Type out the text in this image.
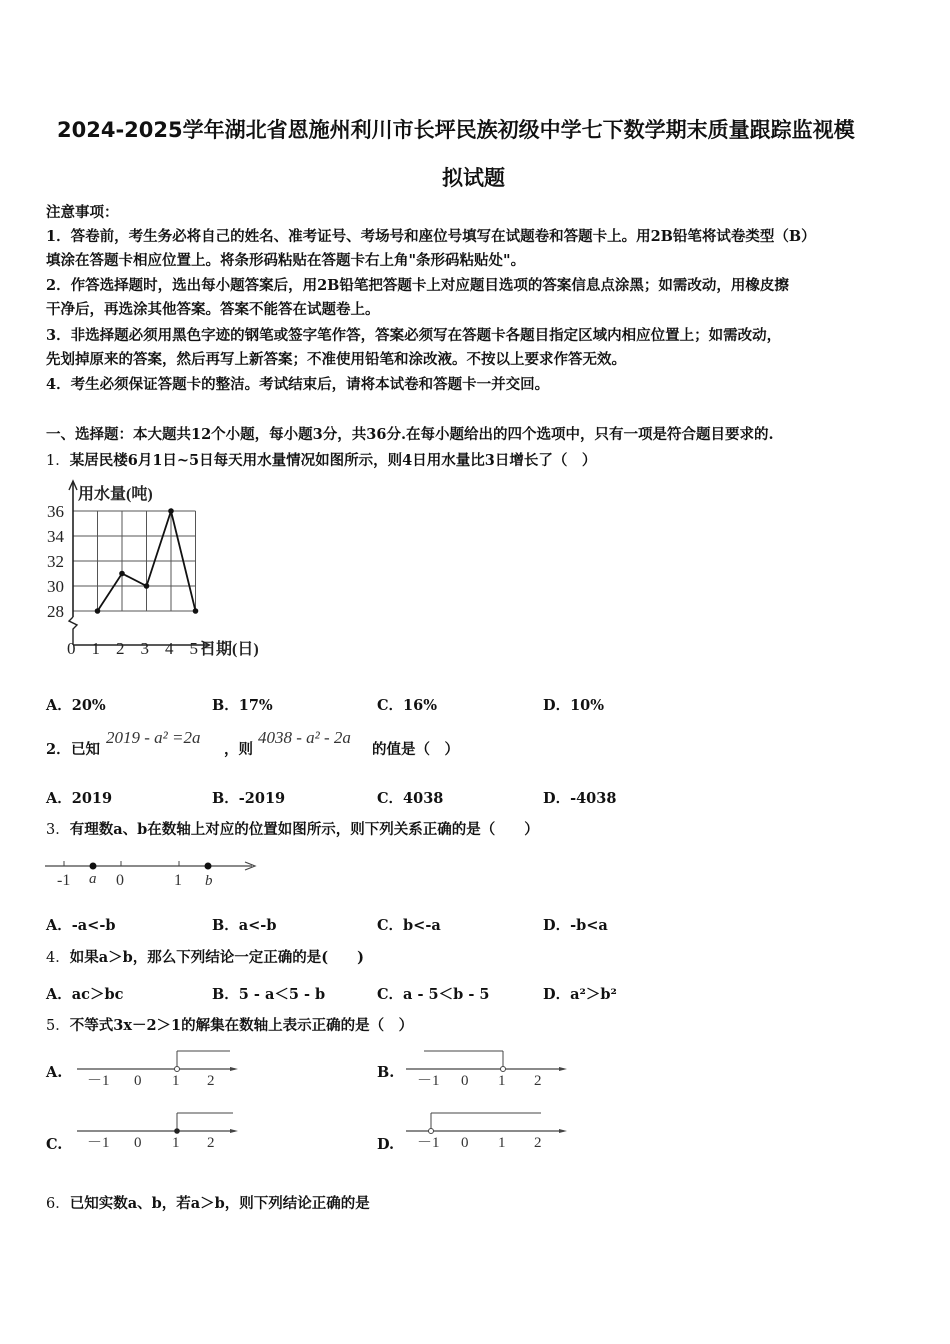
2024-2025学年湖北省恩施州利川市长坪民族初级中学七下数学期末质量跟踪监视模
拟试题
注意事项：
1．答卷前，考生务必将自己的姓名、准考证号、考场号和座位号填写在试题卷和答题卡上。用2B铅笔将试卷类型（B）
填涂在答题卡相应位置上。将条形码粘贴在答题卡右上角"条形码粘贴处"。
2．作答选择题时，选出每小题答案后，用2B铅笔把答题卡上对应题目选项的答案信息点涂黑；如需改动，用橡皮擦
干净后，再选涂其他答案。答案不能答在试题卷上。
3．非选择题必须用黑色字迹的钢笔或签字笔作答，答案必须写在答题卡各题目指定区域内相应位置上；如需改动，
先划掉原来的答案，然后再写上新答案；不准使用铅笔和涂改液。不按以上要求作答无效。
4．考生必须保证答题卡的整洁。考试结束后，请将本试卷和答题卡一并交回。
一、选择题：本大题共12个小题，每小题3分，共36分.在每小题给出的四个选项中，只有一项是符合题目要求的.
1．某居民楼6月1日~5日每天用水量情况如图所示，则4日用水量比3日增长了（　）
28
30
32
34
36
0 1 2 3 4 5
用水量(吨)
日期(日)
A．20%	B．17%	C．16%	D．10%
2． 已知
2019 - a² =2a
，则
4038 - a² - 2a
的值是（　）
A．2019	B．-2019	C．4038	D．-4038
3．有理数a、b在数轴上对应的位置如图所示，则下列关系正确的是（　　）
-1	0	1
a	b
A．-a<-b	B．a<-b	C．b<-a	D．-b<a
4．如果a＞b，那么下列结论一定正确的是(　　)
A．ac＞bc	B．5 - a＜5 - b	C．a - 5＜b - 5	D．a²＞b²
5．不等式3x－2＞1的解集在数轴上表示正确的是（　）
A.	B.
C.	D.
－1 0 1 2	－1 0 1 2
－1 0 1 2	－1 0 1 2
6．已知实数a、b，若a＞b，则下列结论正确的是
